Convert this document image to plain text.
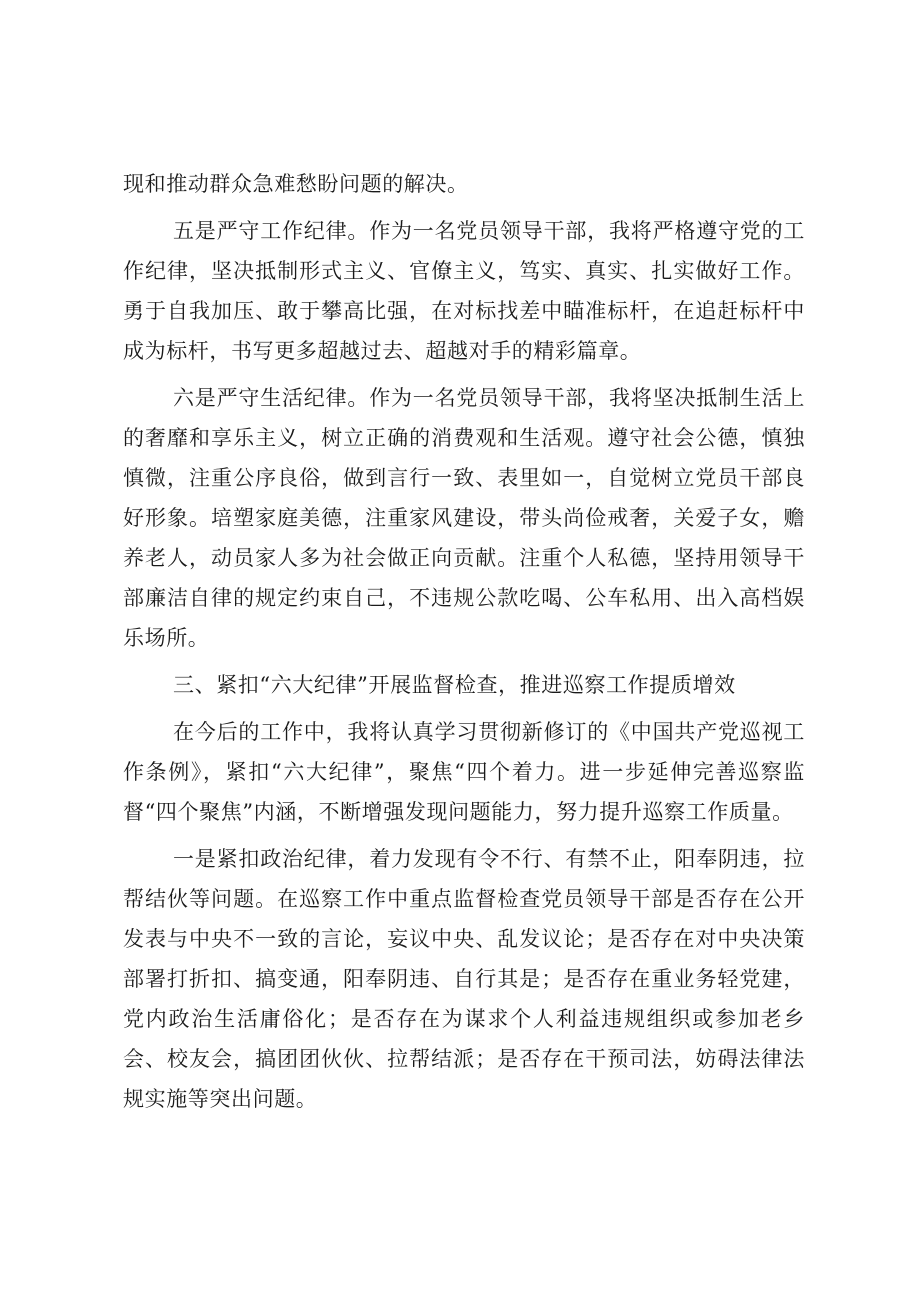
现和推动群众急难愁盼问题的解决。

五是严守工作纪律。作为一名党员领导干部，我将严格遵守党的工作纪律，坚决抵制形式主义、官僚主义，笃实、真实、扎实做好工作。勇于自我加压、敢于攀高比强，在对标找差中瞄准标杆，在追赶标杆中成为标杆，书写更多超越过去、超越对手的精彩篇章。

六是严守生活纪律。作为一名党员领导干部，我将坚决抵制生活上的奢靡和享乐主义，树立正确的消费观和生活观。遵守社会公德，慎独慎微，注重公序良俗，做到言行一致、表里如一，自觉树立党员干部良好形象。培塑家庭美德，注重家风建设，带头尚俭戒奢，关爱子女，赡养老人，动员家人多为社会做正向贡献。注重个人私德，坚持用领导干部廉洁自律的规定约束自己，不违规公款吃喝、公车私用、出入高档娱乐场所。

三、紧扣“六大纪律”开展监督检查，推进巡察工作提质增效

在今后的工作中，我将认真学习贯彻新修订的《中国共产党巡视工作条例》，紧扣“六大纪律”，聚焦“四个着力。进一步延伸完善巡察监督“四个聚焦”内涵，不断增强发现问题能力，努力提升巡察工作质量。

一是紧扣政治纪律，着力发现有令不行、有禁不止，阳奉阴违，拉帮结伙等问题。在巡察工作中重点监督检查党员领导干部是否存在公开发表与中央不一致的言论，妄议中央、乱发议论；是否存在对中央决策部署打折扣、搞变通，阳奉阴违、自行其是；是否存在重业务轻党建，党内政治生活庸俗化；是否存在为谋求个人利益违规组织或参加老乡会、校友会，搞团团伙伙、拉帮结派；是否存在干预司法，妨碍法律法规实施等突出问题。
